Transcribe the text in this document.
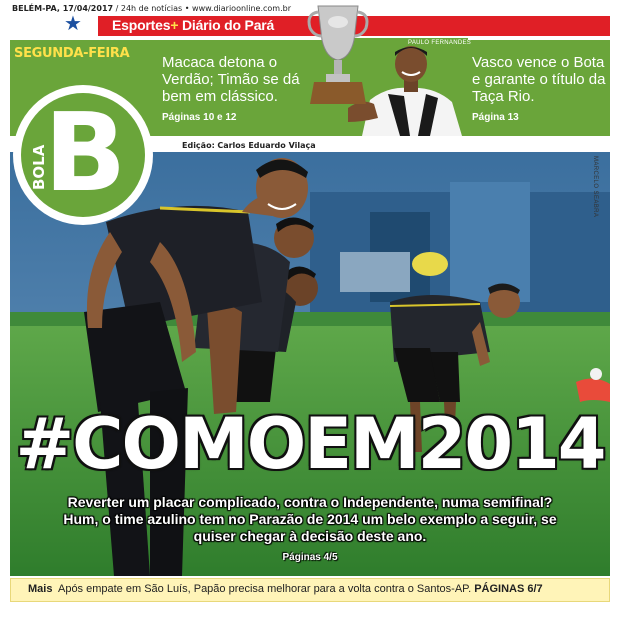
BELÉM-PA, 17/04/2017 / 24h de notícias • www.diarioonline.com.br
★ Esportes+ Diário do Pará
SEGUNDA-FEIRA
Macaca detona o Verdão; Timão se dá bem em clássico.
Páginas 10 e 12
Vasco vence o Bota e garante o título da Taça Rio.
Página 13
PAULO FERNANDES
B
BOLA	Edição: Carlos Eduardo Vilaça
MARCELO SEABRA
#COMOEM2014
Reverter um placar complicado, contra o Independente, numa semifinal? Hum, o time azulino tem no Parazão de 2014 um belo exemplo a seguir, se quiser chegar à decisão deste ano.
Páginas 4/5
Mais Após empate em São Luís, Papão precisa melhorar para a volta contra o Santos-AP. PÁGINAS 6/7
